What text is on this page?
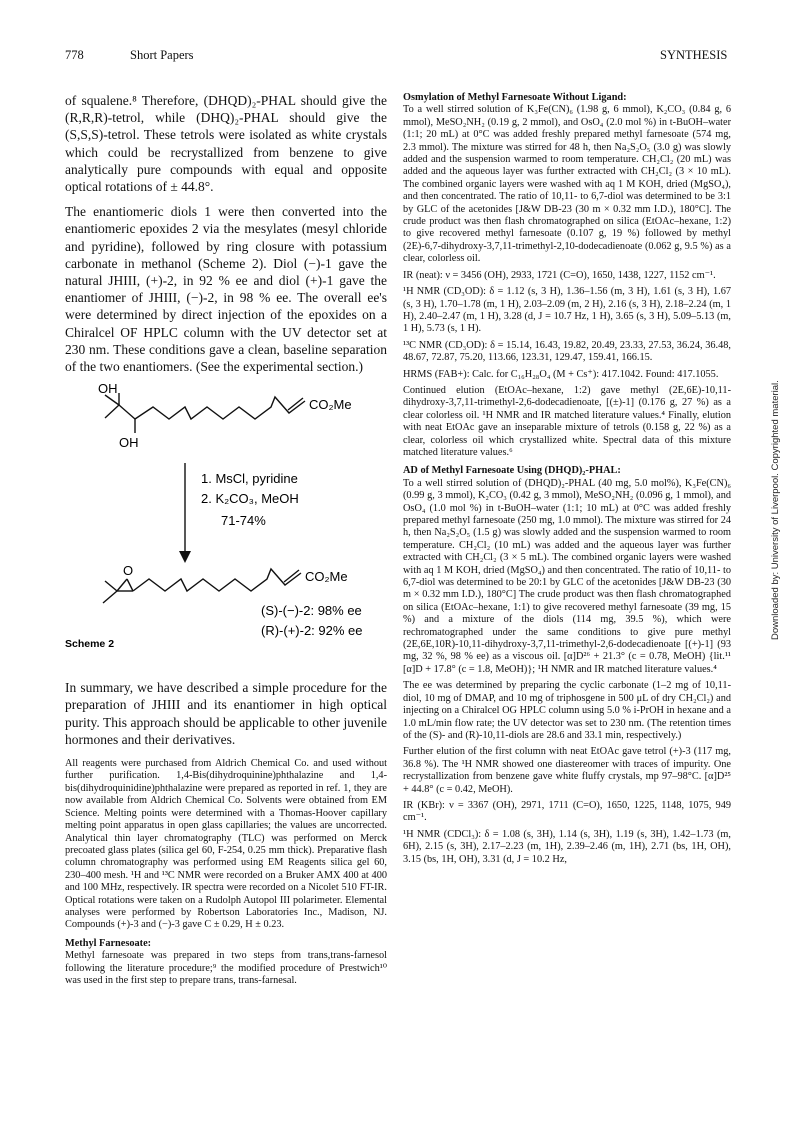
778	Short Papers	SYNTHESIS
Downloaded by: University of Liverpool. Copyrighted material.

of squalene.⁸ Therefore, (DHQD)₂-PHAL should give the (R,R,R)-tetrol, while (DHQ)₂-PHAL should give the (S,S,S)-tetrol. These tetrols were isolated as white crystals which could be recrystallized from benzene to give analytically pure compounds with equal and opposite optical rotations of ± 44.8°.

The enantiomeric diols 1 were then converted into the enantiomeric epoxides 2 via the mesylates (mesyl chloride and pyridine), followed by ring closure with potassium carbonate in methanol (Scheme 2). Diol (−)-1 gave the natural JHIII, (+)-2, in 92 % ee and diol (+)-1 gave the enantiomer of JHIII, (−)-2, in 98 % ee. The overall ee's were determined by direct injection of the epoxides on a Chiralcel OF HPLC column with the UV detector set at 230 nm. These conditions gave a clean, baseline separation of the two enantiomers. (See the experimental section.)

OH
OH
CO₂Me
1. MsCl, pyridine
2. K₂CO₃, MeOH
71-74%
O	CO₂Me
(S)-(−)-2: 98% ee
(R)-(+)-2: 92% ee
Scheme 2

In summary, we have described a simple procedure for the preparation of JHIII and its enantiomer in high optical purity. This approach should be applicable to other juvenile hormones and their derivatives.

All reagents were purchased from Aldrich Chemical Co. and used without further purification. 1,4-Bis(dihydroquinine)phthalazine and 1,4-bis(dihydroquinidine)phthalazine were prepared as reported in ref. 1, they are now available from Aldrich Chemical Co. Solvents were obtained from EM Science. Melting points were determined with a Thomas-Hoover capillary melting point apparatus in open glass capillaries; the values are uncorrected. Analytical thin layer chromatography (TLC) was performed on Merck precoated glass plates (silica gel 60, F-254, 0.25 mm thick). Preparative flash column chromatography was performed using EM Reagents silica gel 60, 230–400 mesh. ¹H and ¹³C NMR were recorded on a Bruker AMX 400 at 400 and 100 MHz, respectively. IR spectra were recorded on a Nicolet 510 FT-IR. Optical rotations were taken on a Rudolph Autopol III polarimeter. Elemental analyses were performed by Robertson Laboratories Inc., Madison, NJ. Compounds (+)-3 and (−)-3 gave C ± 0.29, H ± 0.23.

Methyl Farnesoate:

Methyl farnesoate was prepared in two steps from trans,trans-farnesol following the literature procedure;⁹ the modified procedure of Prestwich¹⁰ was used in the first step to prepare trans, trans-farnesal.

Osmylation of Methyl Farnesoate Without Ligand:

To a well stirred solution of K₃Fe(CN)₆ (1.98 g, 6 mmol), K₂CO₃ (0.84 g, 6 mmol), MeSO₂NH₂ (0.19 g, 2 mmol), and OsO₄ (2.0 mol %) in t-BuOH–water (1:1; 20 mL) at 0°C was added freshly prepared methyl farnesoate (574 mg, 2.3 mmol). The mixture was stirred for 48 h, then Na₂S₂O₅ (3.0 g) was slowly added and the suspension warmed to room temperature. CH₂Cl₂ (20 mL) was added and the aqueous layer was further extracted with CH₂Cl₂ (3 × 10 mL). The combined organic layers were washed with aq 1 M KOH, dried (MgSO₄), and then concentrated. The ratio of 10,11- to 6,7-diol was determined to be 3:1 by GLC of the acetonides [J&W DB-23 (30 m × 0.32 mm I.D.), 180°C]. The crude product was then flash chromatographed on silica (EtOAc–hexane, 1:2) to give recovered methyl farnesoate (0.107 g, 19 %) followed by methyl (2E)-6,7-dihydroxy-3,7,11-trimethyl-2,10-dodecadienoate (0.062 g, 9.5 %) as a clear, colorless oil.

IR (neat): ν = 3456 (OH), 2933, 1721 (C=O), 1650, 1438, 1227, 1152 cm⁻¹.

¹H NMR (CD₃OD): δ = 1.12 (s, 3 H), 1.36–1.56 (m, 3 H), 1.61 (s, 3 H), 1.67 (s, 3 H), 1.70–1.78 (m, 1 H), 2.03–2.09 (m, 2 H), 2.16 (s, 3 H), 2.18–2.24 (m, 1 H), 2.40–2.47 (m, 1 H), 3.28 (d, J = 10.7 Hz, 1 H), 3.65 (s, 3 H), 5.09–5.13 (m, 1 H), 5.73 (s, 1 H).

¹³C NMR (CD₃OD): δ = 15.14, 16.43, 19.82, 20.49, 23.33, 27.53, 36.24, 36.48, 48.67, 72.87, 75.20, 113.66, 123.31, 129.47, 159.41, 166.15.

HRMS (FAB+): Calc. for C₁₆H₂₈O₄ (M + Cs⁺): 417.1042. Found: 417.1055.

Continued elution (EtOAc–hexane, 1:2) gave methyl (2E,6E)-10,11-dihydroxy-3,7,11-trimethyl-2,6-dodecadienoate, [(±)-1] (0.176 g, 27 %) as a clear colorless oil. ¹H NMR and IR matched literature values.⁴ Finally, elution with neat EtOAc gave an inseparable mixture of tetrols (0.158 g, 22 %) as a clear, colorless oil which crystallized white. Spectral data of this mixture matched literature values.⁶

AD of Methyl Farnesoate Using (DHQD)₂-PHAL:

To a well stirred solution of (DHQD)₂-PHAL (40 mg, 5.0 mol%), K₃Fe(CN)₆ (0.99 g, 3 mmol), K₂CO₃ (0.42 g, 3 mmol), MeSO₂NH₂ (0.096 g, 1 mmol), and OsO₄ (1.0 mol %) in t-BuOH–water (1:1; 10 mL) at 0°C was added freshly prepared methyl farnesoate (250 mg, 1.0 mmol). The mixture was stirred for 24 h, then Na₂S₂O₅ (1.5 g) was slowly added and the suspension warmed to room temperature. CH₂Cl₂ (10 mL) was added and the aqueous layer was further extracted with CH₂Cl₂ (3 × 5 mL). The combined organic layers were washed with aq 1 M KOH, dried (MgSO₄) and then concentrated. The ratio of 10,11- to 6,7-diol was determined to be 20:1 by GLC of the acetonides [J&W DB-23 (30 m × 0.32 mm I.D.), 180°C] The crude product was then flash chromatographed on silica (EtOAc–hexane, 1:1) to give recovered methyl farnesoate (39 mg, 15 %) and a mixture of the diols (114 mg, 39.5 %), which were rechromatographed under the same conditions to give pure methyl (2E,6E,10R)-10,11-dihydroxy-3,7,11-trimethyl-2,6-dodecadienoate [(+)-1] (93 mg, 32 %, 98 % ee) as a viscous oil. [α]D²⁶ + 21.3° (c = 0.78, MeOH) {lit.¹¹ [α]D + 17.8° (c = 1.8, MeOH)}; ¹H NMR and IR matched literature values.⁴

The ee was determined by preparing the cyclic carbonate (1–2 mg of 10,11-diol, 10 mg of DMAP, and 10 mg of triphosgene in 500 μL of dry CH₂Cl₂) and injecting on a Chiralcel OG HPLC column using 5.0 % i-PrOH in hexane and a 1.0 mL/min flow rate; the UV detector was set to 230 nm. (The retention times of the (S)- and (R)-10,11-diols are 28.6 and 33.1 min, respectively.)

Further elution of the first column with neat EtOAc gave tetrol (+)-3 (117 mg, 36.8 %). The ¹H NMR showed one diastereomer with traces of impurity. One recrystallization from benzene gave white fluffy crystals, mp 97–98°C. [α]D²⁵ + 44.8° (c = 0.42, MeOH).

IR (KBr): ν = 3367 (OH), 2971, 1711 (C=O), 1650, 1225, 1148, 1075, 949 cm⁻¹.

¹H NMR (CDCl₃): δ = 1.08 (s, 3H), 1.14 (s, 3H), 1.19 (s, 3H), 1.42–1.73 (m, 6H), 2.15 (s, 3H), 2.17–2.23 (m, 1H), 2.39–2.46 (m, 1H), 2.71 (bs, 1H, OH), 3.15 (bs, 1H, OH), 3.31 (d, J = 10.2 Hz,
